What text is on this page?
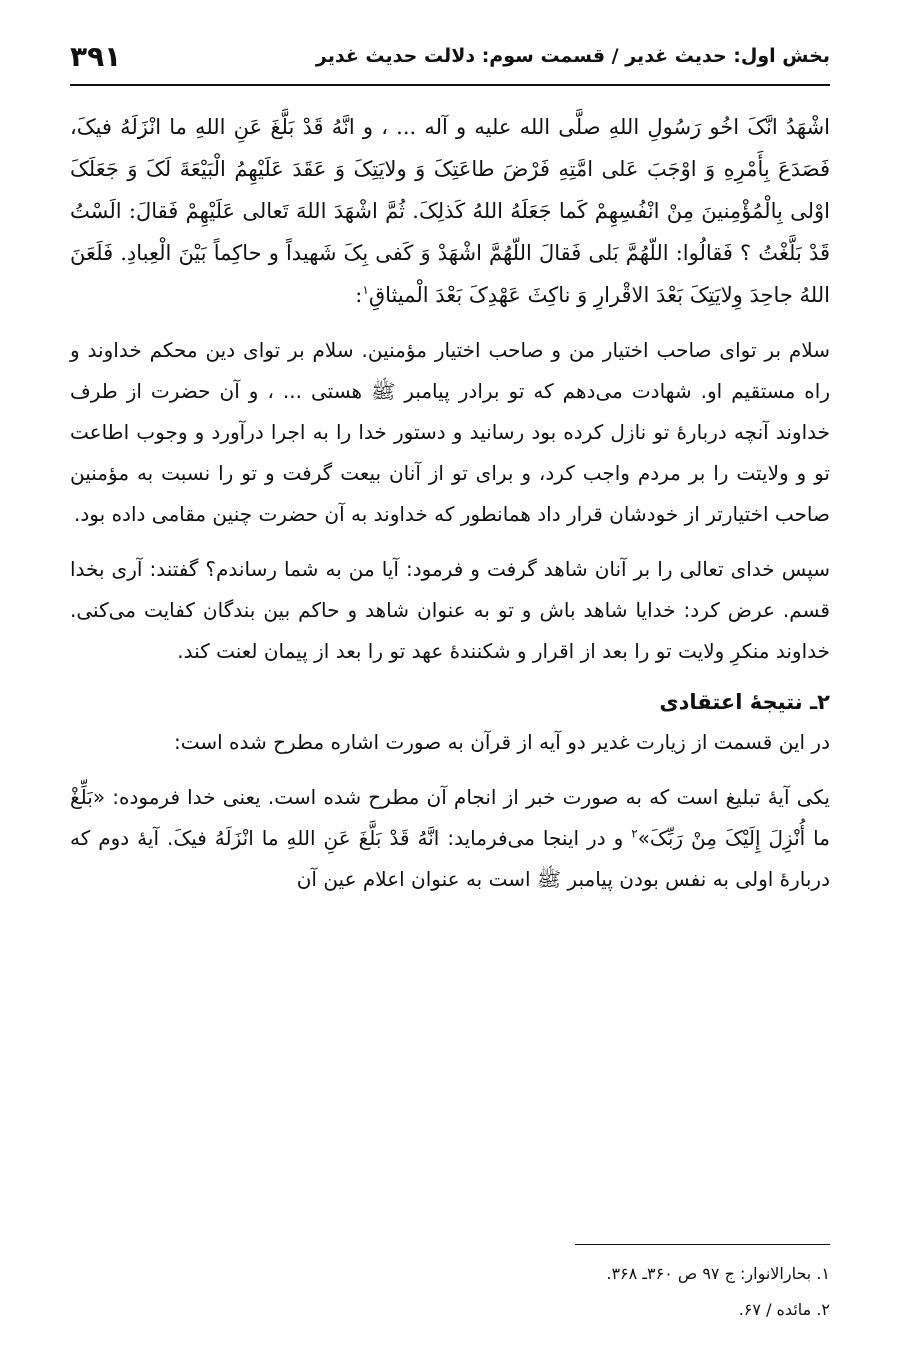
بخش اول: حدیث غدیر / قسمت سوم: دلالت حدیث غدیر
۳۹۱

اشْهَدُ انَّکَ اخُو رَسُولِ اللهِ صلَّی الله علیه و آله ... ، و انَّهُ قَدْ بَلَّغَ عَنِ اللهِ ما انْزَلَهُ فیکَ، فَصَدَعَ بِأَمْرِهِ وَ اوْجَبَ عَلی امَّتِهِ فَرْضَ طاعَتِکَ وَ ولایَتِکَ وَ عَقَدَ عَلَیْهِمُ الْبَیْعَةَ لَکَ وَ جَعَلَکَ اوْلی بِالْمُؤْمِنینَ مِنْ انْفُسِهِمْ کَما جَعَلَهُ اللهُ کَذلِکَ. ثُمَّ اشْهَدَ اللهَ تَعالی عَلَیْهِمْ فَقالَ: الَسْتُ قَدْ بَلَّغْتُ ؟ فَقالُوا: اللّهُمَّ بَلی فَقالَ اللّهُمَّ اشْهَدْ وَ کَفی بِکَ شَهیداً و حاکِماً بَیْنَ الْعِبادِ. فَلَعَنَ اللهُ جاحِدَ وِلایَتِکَ بَعْدَ الاقْرارِ وَ ناکِثَ عَهْدِکَ بَعْدَ الْمیثاقِ$^۱$:

سلام بر توای صاحب اختیار من و صاحب اختیار مؤمنین. سلام بر توای دین محکم خداوند و راه مستقیم او. شهادت می‌دهم که تو برادر پیامبر ﷺ هستی ... ، و آن حضرت از طرف خداوند آنچه دربارهٔ تو نازل کرده بود رسانید و دستور خدا را به اجرا درآورد و وجوب اطاعت تو و ولایتت را بر مردم واجب کرد، و برای تو از آنان بیعت گرفت و تو را نسبت به مؤمنین صاحب اختیارتر از خودشان قرار داد همانطور که خداوند به آن حضرت چنین مقامی داده بود.

سپس خدای تعالی را بر آنان شاهد گرفت و فرمود: آیا من به شما رساندم؟ گفتند: آری بخدا قسم. عرض کرد: خدایا شاهد باش و تو به عنوان شاهد و حاکم بین بندگان کفایت می‌کنی. خداوند منکرِ ولایت تو را بعد از اقرار و شکنندهٔ عهد تو را بعد از پیمان لعنت کند.

۲ـ نتیجهٔ اعتقادی

در این قسمت از زیارت غدیر دو آیه از قرآن به صورت اشاره مطرح شده است:

یکی آیهٔ تبلیغ است که به صورت خبر از انجام آن مطرح شده است. یعنی خدا فرموده: «بَلِّغْ ما أُنْزِلَ إِلَیْکَ مِنْ رَبِّکَ»$^۲$ و در اینجا می‌فرماید: انَّهُ قَدْ بَلَّغَ عَنِ اللهِ ما انْزَلَهُ فیکَ. آیهٔ دوم که دربارهٔ اولی به نفس بودن پیامبر ﷺ است به عنوان اعلام عین آن

۱. بحارالانوار: ج ۹۷ ص ۳۶۰ـ ۳۶۸.

۲. مائده / ۶۷.
